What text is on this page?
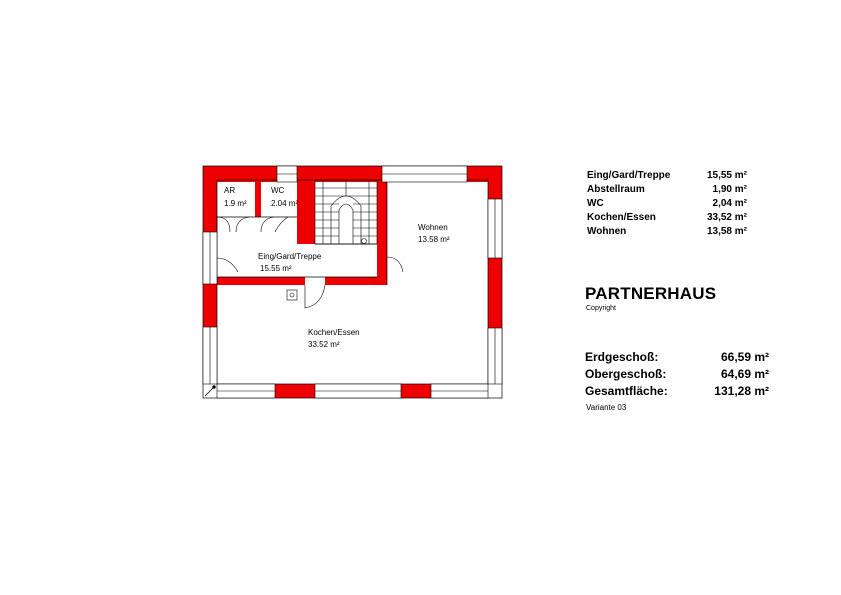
AR
1.9 m²
WC
2.04 m²
Wohnen
13.58 m²
Eing/Gard/Treppe
15.55 m²
Kochen/Essen
33.52 m²
Eing/Gard/Treppe	15,55 m²
Abstellraum	1,90 m²
WC	2,04 m²
Kochen/Essen	33,52 m²
Wohnen	13,58 m²
PARTNERHAUS
Copyright
Erdgeschoß:	66,59 m²
Obergeschoß:	64,69 m²
Gesamtfläche:	131,28 m²
Variante 03
